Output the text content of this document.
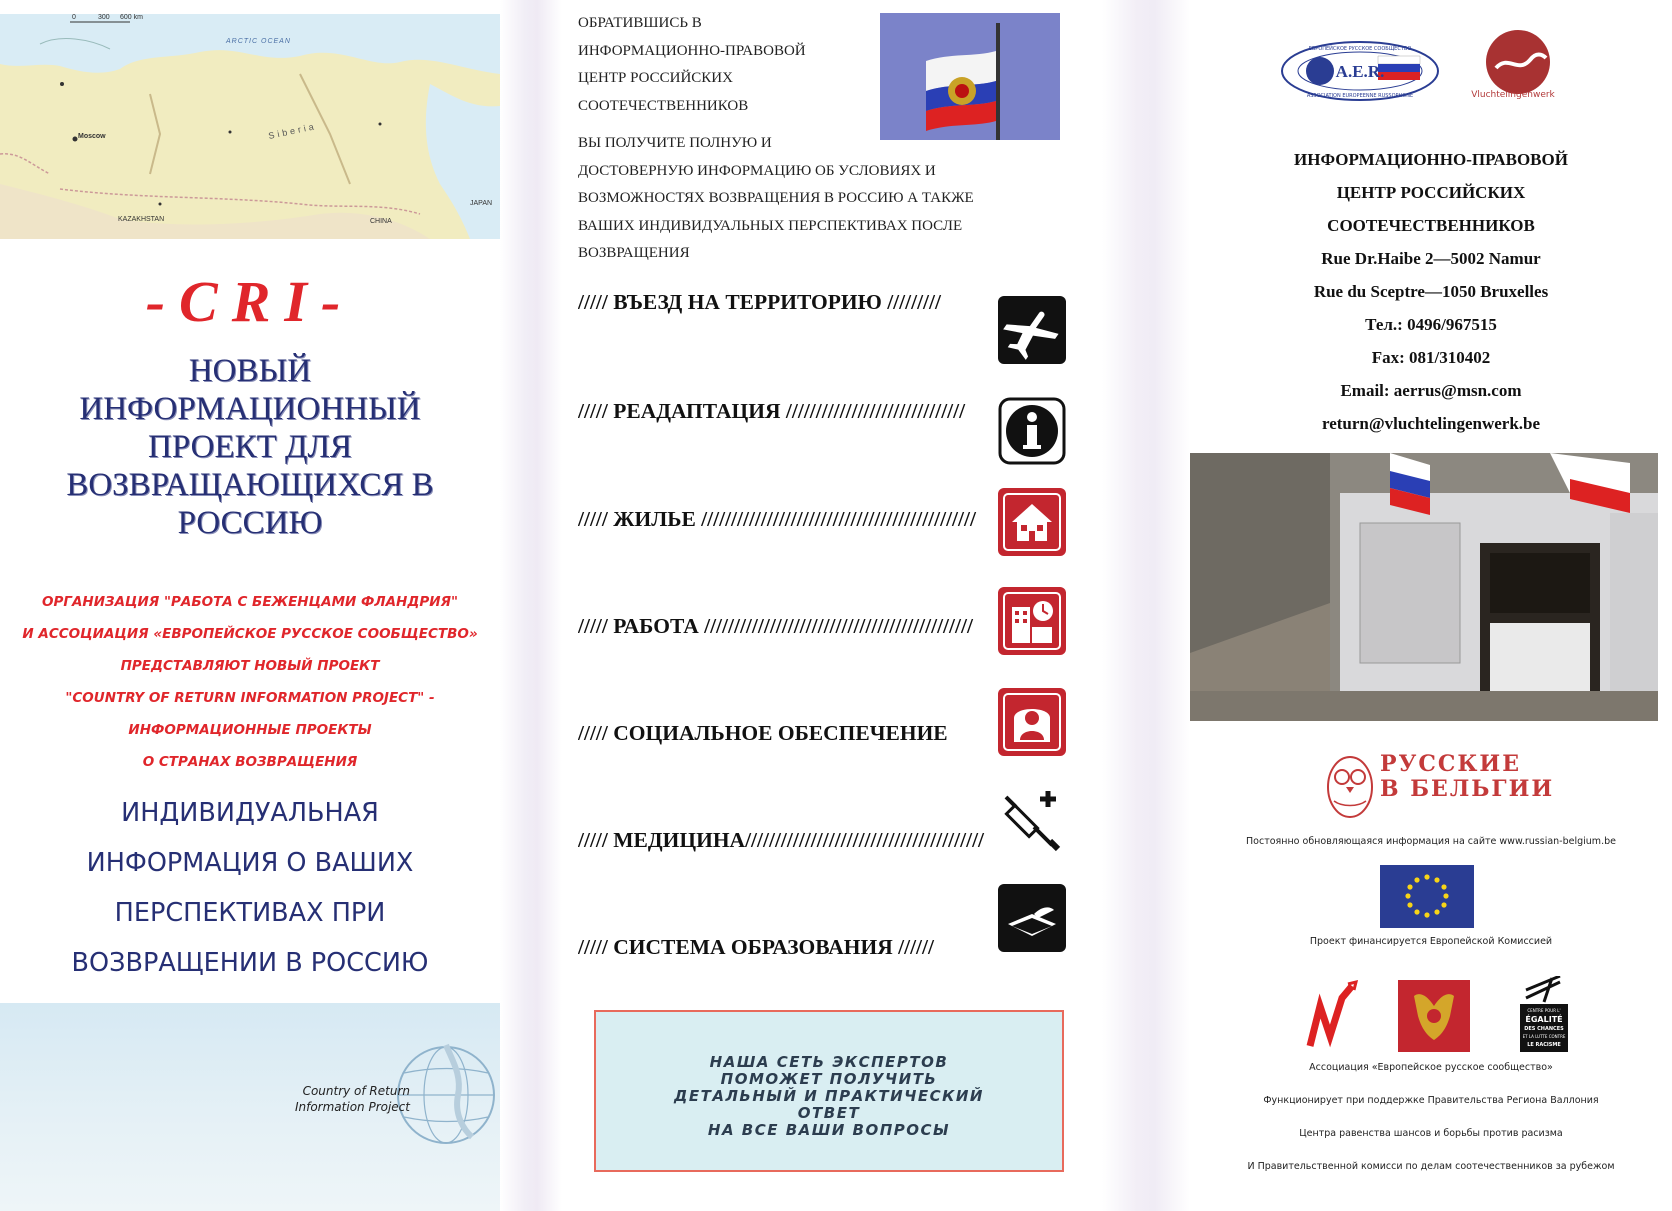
0	300 600 km
ARCTIC OCEAN
Siberia
Moscow
KAZAKHSTAN	CHINA
JAPAN
-CRI-
НОВЫЙ
ИНФОРМАЦИОННЫЙ
ПРОЕКТ ДЛЯ
ВОЗВРАЩАЮЩИХСЯ В
РОССИЮ
ОРГАНИЗАЦИЯ "РАБОТА С БЕЖЕНЦАМИ ФЛАНДРИЯ"
И АССОЦИАЦИЯ «ЕВРОПЕЙСКОЕ РУССКОЕ СООБЩЕСТВО»
ПРЕДСТАВЛЯЮТ НОВЫЙ ПРОЕКТ
"COUNTRY OF RETURN INFORMATION PROJECT" -
ИНФОРМАЦИОННЫЕ ПРОЕКТЫ
О СТРАНАХ ВОЗВРАЩЕНИЯ
ИНДИВИДУАЛЬНАЯ
ИНФОРМАЦИЯ О ВАШИХ
ПЕРСПЕКТИВАХ ПРИ
ВОЗВРАЩЕНИИ В РОССИЮ
Country of Return
Information Project
ОБРАТИВШИСЬ В
ИНФОРМАЦИОННО-ПРАВОВОЙ
ЦЕНТР РОССИЙСКИХ
СООТЕЧЕСТВЕННИКОВ
ВЫ ПОЛУЧИТЕ ПОЛНУЮ И
ДОСТОВЕРНУЮ ИНФОРМАЦИЮ ОБ УСЛОВИЯХ И
ВОЗМОЖНОСТЯХ ВОЗВРАЩЕНИЯ В РОССИЮ А ТАКЖЕ
ВАШИХ ИНДИВИДУАЛЬНЫХ ПЕРСПЕКТИВАХ ПОСЛЕ
ВОЗВРАЩЕНИЯ
///// ВЪЕЗД НА ТЕРРИТОРИЮ /////////
///// РЕАДАПТАЦИЯ //////////////////////////////
///// ЖИЛЬЕ //////////////////////////////////////////////
///// РАБОТА /////////////////////////////////////////////
///// СОЦИАЛЬНОЕ ОБЕСПЕЧЕНИЕ
///// МЕДИЦИНА////////////////////////////////////////
///// СИСТЕМА ОБРАЗОВАНИЯ //////
НАША СЕТЬ ЭКСПЕРТОВ
ПОМОЖЕТ ПОЛУЧИТЬ
ДЕТАЛЬНЫЙ И ПРАКТИЧЕСКИЙ
ОТВЕТ
НА ВСЕ ВАШИ ВОПРОСЫ
A.E.R.
ЕВРОПЕЙСКОЕ РУССКОЕ СООБЩЕСТВО
ASSOCIATION EUROPEENNE RUSSOPHONE	Vluchtelingenwerk
ИНФОРМАЦИОННО-ПРАВОВОЙ
ЦЕНТР РОССИЙСКИХ
СООТЕЧЕСТВЕННИКОВ
Rue Dr.Haibe 2—5002 Namur
Rue du Sceptre—1050 Bruxelles
Тел.: 0496/967515
Fax: 081/310402
Email: aerrus@msn.com
return@vluchtelingenwerk.be
РУССКИЕ
В БЕЛЬГИИ
Постоянно обновляющаяся информация на сайте www.russian-belgium.be
Проект финансируется Европейской Комиссией
CENTRE POUR L'
ÉGALITÉ
DES CHANCES
ET LA LUTTE CONTRE
LE RACISME
Ассоциация «Европейское русское сообщество»
Функционирует при поддержке Правительства Региона Валлония
Центра равенства шансов и борьбы против расизма
И Правительственной комисси по делам соотечественников за рубежом
